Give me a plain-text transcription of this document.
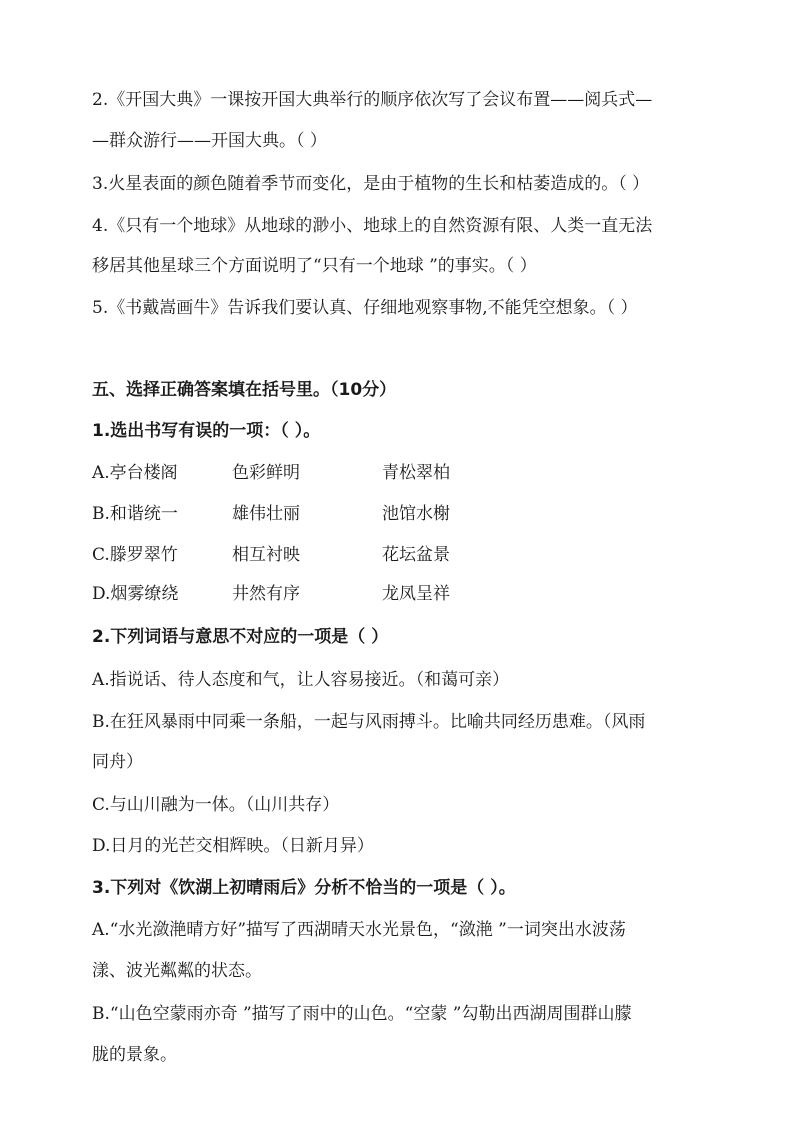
2.《开国大典》一课按开国大典举行的顺序依次写了会议布置——阅兵式—
—群众游行——开国大典。（ ）
3.火星表面的颜色随着季节而变化，是由于植物的生长和枯萎造成的。（ ）
4.《只有一个地球》从地球的渺小、地球上的自然资源有限、人类一直无法
移居其他星球三个方面说明了“只有一个地球 ”的事实。（ ）
5.《书戴嵩画牛》告诉我们要认真、仔细地观察事物,不能凭空想象。（ ）
五、选择正确答案填在括号里。（10分）
1.选出书写有误的一项：（ ）。
A.亭台楼阁	色彩鲜明	青松翠柏
B.和谐统一	雄伟壮丽	池馆水榭
C.滕罗翠竹	相互衬映	花坛盆景
D.烟雾缭绕	井然有序	龙凤呈祥
2.下列词语与意思不对应的一项是（ ）
A.指说话、待人态度和气，让人容易接近。（和蔼可亲）
B.在狂风暴雨中同乘一条船，一起与风雨搏斗。比喻共同经历患难。（风雨
同舟）
C.与山川融为一体。（山川共存）
D.日月的光芒交相辉映。（日新月异）
3.下列对《饮湖上初晴雨后》分析不恰当的一项是（ ）。
A.“水光潋滟晴方好”描写了西湖晴天水光景色，“潋滟 ”一词突出水波荡
漾、波光粼粼的状态。
B.“山色空蒙雨亦奇 ”描写了雨中的山色。“空蒙 ”勾勒出西湖周围群山朦
胧的景象。
